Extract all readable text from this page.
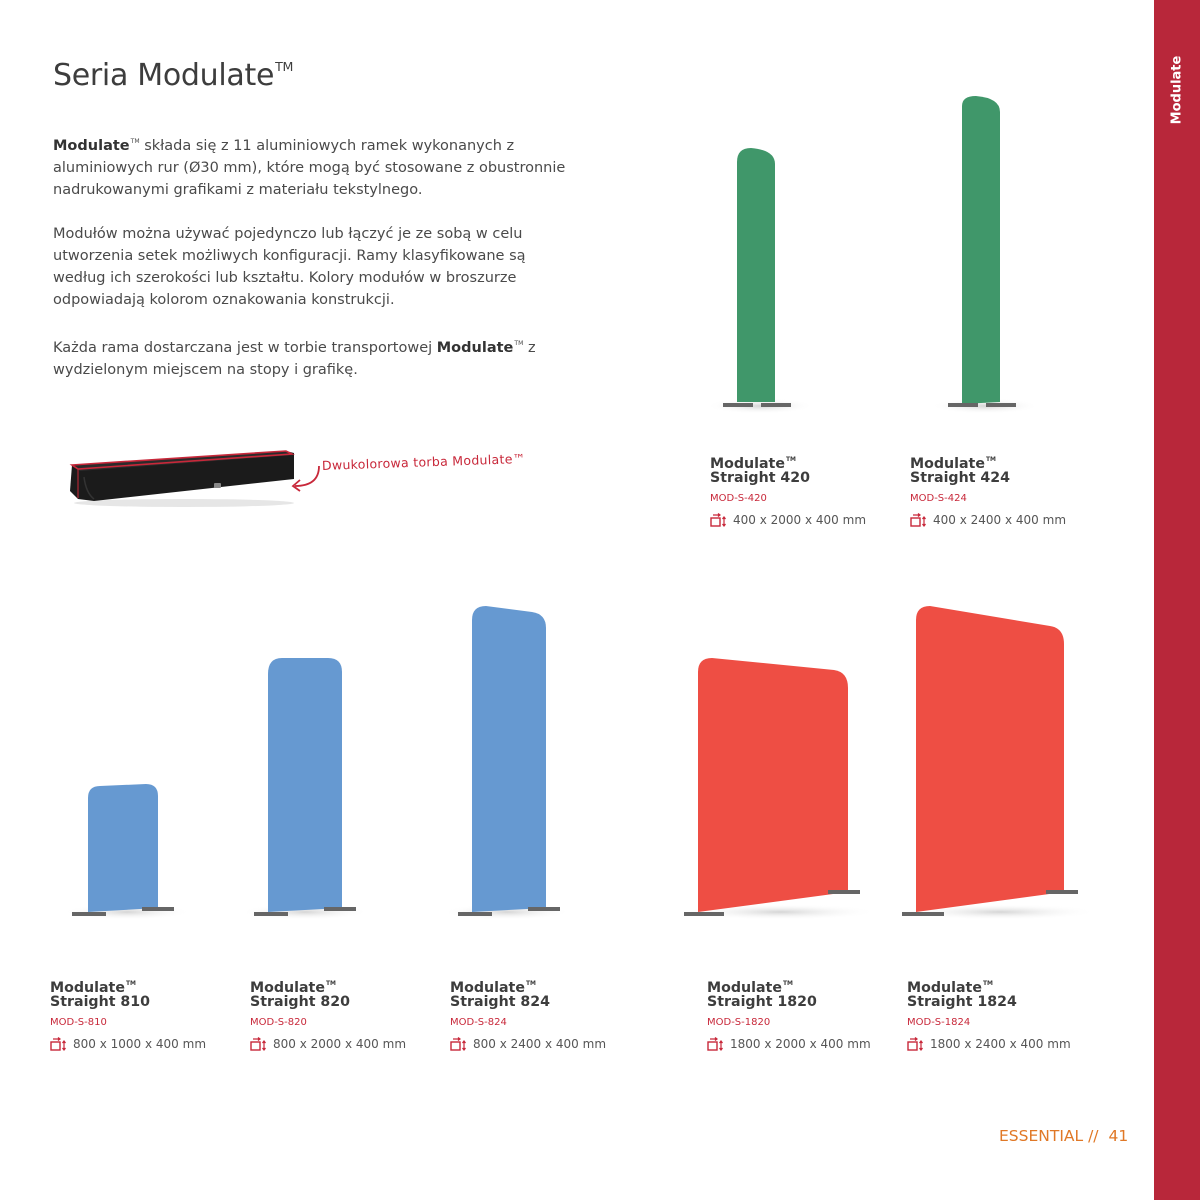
Modulate
Seria Modulate™

Modulate™ składa się z 11 aluminiowych ramek wykonanych z aluminiowych rur (Ø30 mm), które mogą być stosowane z obustronnie nadrukowanymi grafikami z materiału tekstylnego.

Modułów można używać pojedynczo lub łączyć je ze sobą w celu utworzenia setek możliwych konfiguracji. Ramy klasyfikowane są według ich szerokości lub kształtu. Kolory modułów w broszurze odpowiadają kolorom oznakowania konstrukcji.

Każda rama dostarczana jest w torbie transportowej Modulate™ z wydzielonym miejscem na stopy i grafikę.

Dwukolorowa torba Modulate™	Modulate™
Straight 420
MOD-S-420
400 x 2000 x 400 mm
Modulate™
Straight 424
MOD-S-424
400 x 2400 x 400 mm
Modulate™
Straight 810
MOD-S-810
800 x 1000 x 400 mm
Modulate™
Straight 820
MOD-S-820
800 x 2000 x 400 mm
Modulate™
Straight 824
MOD-S-824
800 x 2400 x 400 mm
Modulate™
Straight 1820
MOD-S-1820
1800 x 2000 x 400 mm
Modulate™
Straight 1824
MOD-S-1824
1800 x 2400 x 400 mm
ESSENTIAL // 41
